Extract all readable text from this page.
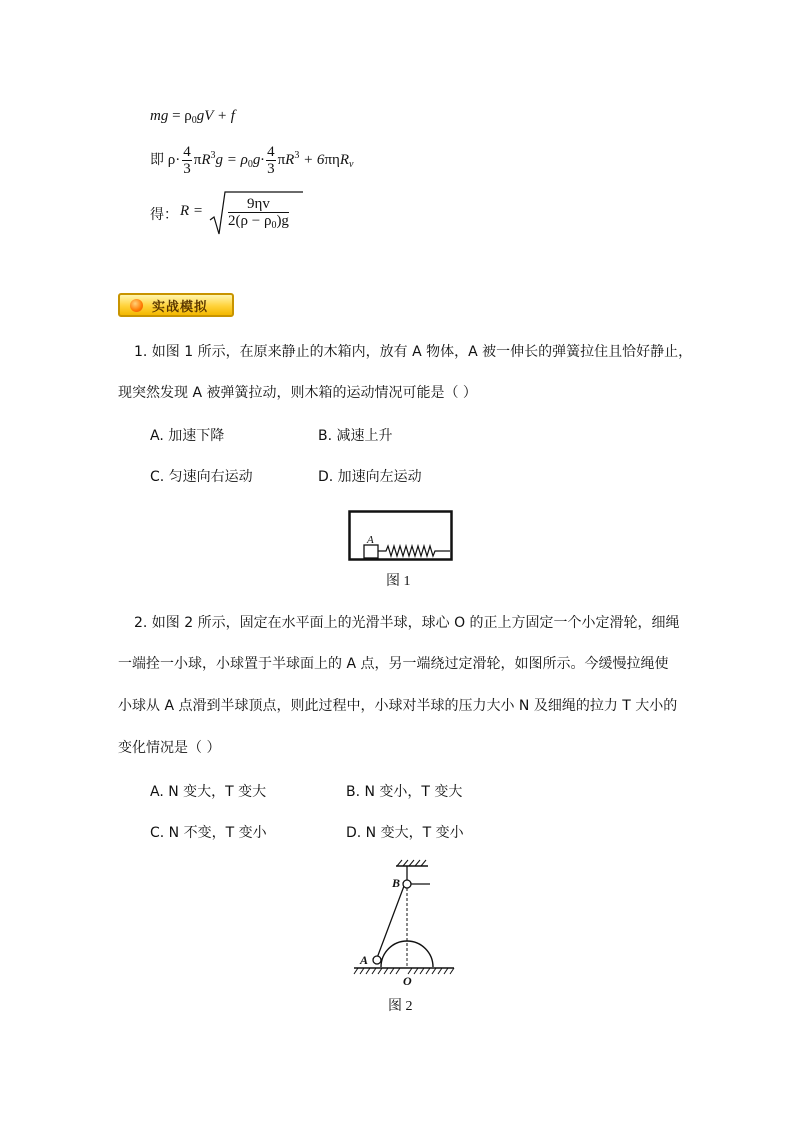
mg = $\rho_0gV + f$
即 $\rho\cdot \frac{4}{3} \pi R^3g = \rho_0g\cdot \frac{4}{3} \pi R^3 + 6\pi\eta R_v$
得： $R = \frac{9\eta v}{2(\rho - \rho_0)g}$
实战模拟
1. 如图 1 所示，在原来静止的木箱内，放有 A 物体，A 被一伸长的弹簧拉住且恰好静止，
现突然发现 A 被弹簧拉动，则木箱的运动情况可能是（ ）
A. 加速下降	B. 减速上升
C. 匀速向右运动	D. 加速向左运动
A
图 1
2. 如图 2 所示，固定在水平面上的光滑半球，球心 O 的正上方固定一个小定滑轮，细绳
一端拴一小球，小球置于半球面上的 A 点，另一端绕过定滑轮，如图所示。今缓慢拉绳使
小球从 A 点滑到半球顶点，则此过程中，小球对半球的压力大小 N 及细绳的拉力 T 大小的
变化情况是（ ）
A. N 变大，T 变大	B. N 变小，T 变大
C. N 不变，T 变小	D. N 变大，T 变小
B
A
O
图 2
